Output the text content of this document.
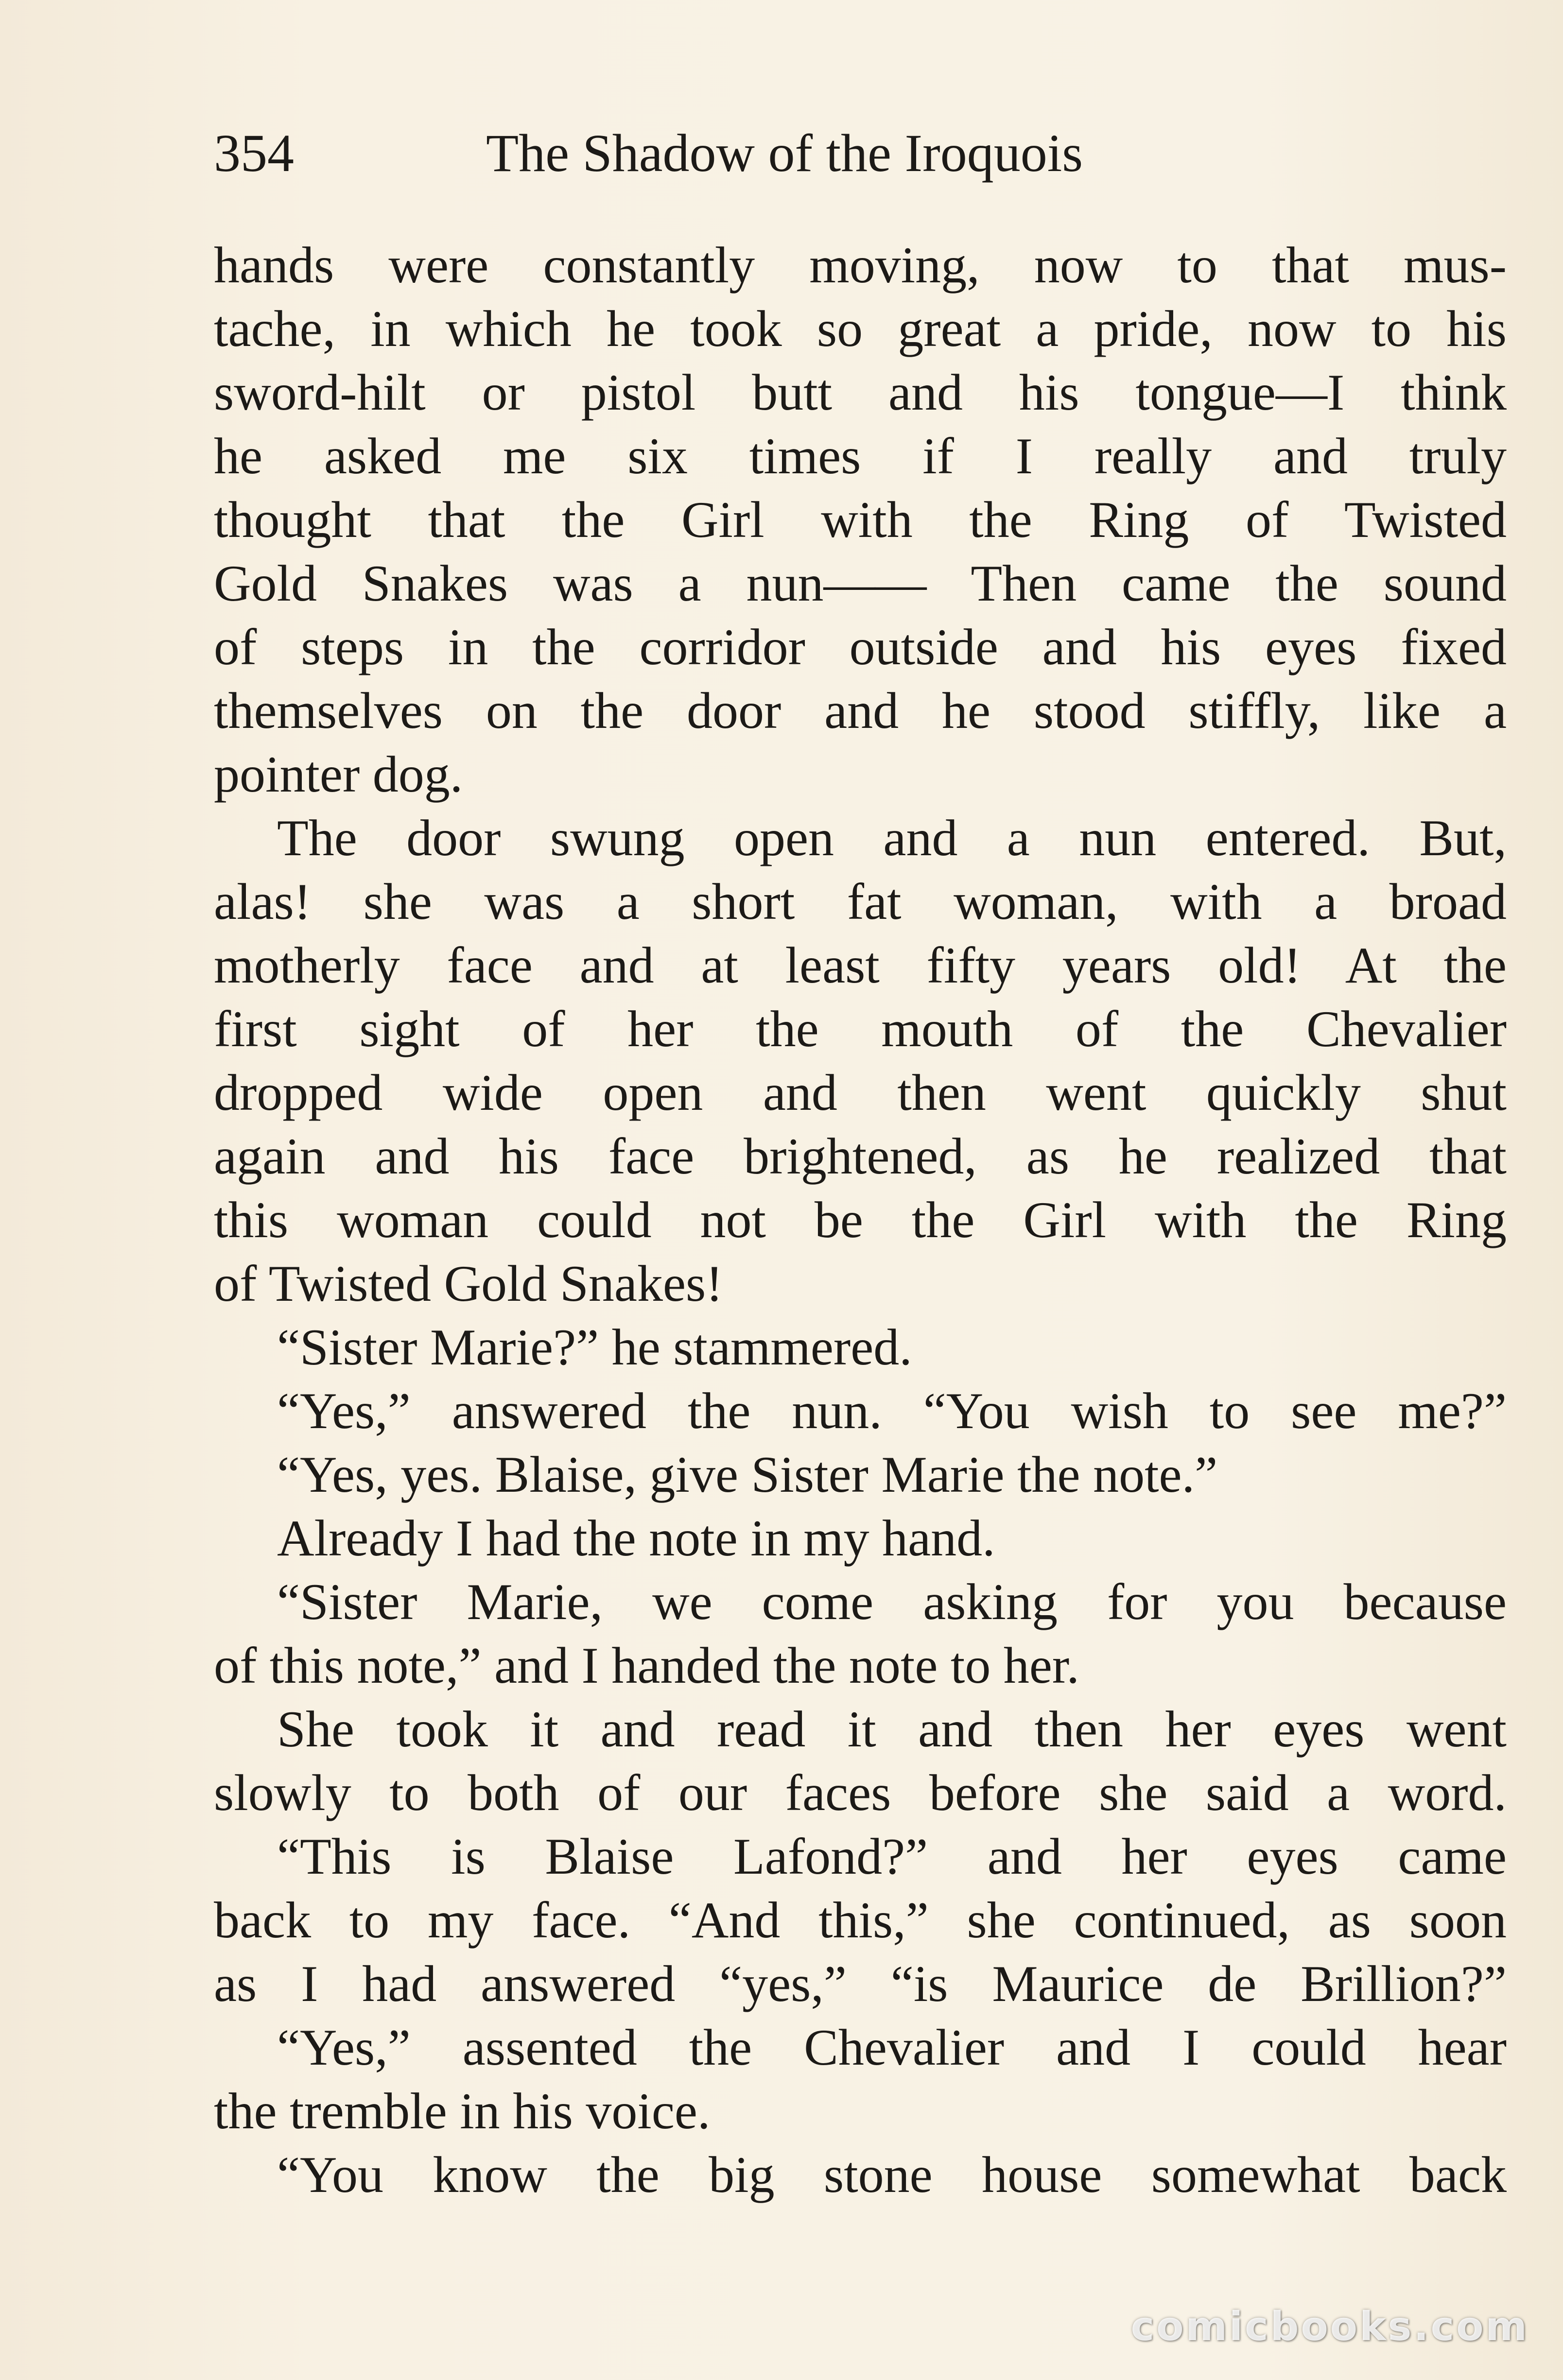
354	The Shadow of the Iroquois
hands were constantly moving, now to that mus-
tache, in which he took so great a pride, now to his
sword-hilt or pistol butt and his tongue—I think
he asked me six times if I really and truly
thought that the Girl with the Ring of Twisted
Gold Snakes was a nun—— Then came the sound
of steps in the corridor outside and his eyes fixed
themselves on the door and he stood stiffly, like a
pointer dog.
The door swung open and a nun entered. But,
alas! she was a short fat woman, with a broad
motherly face and at least fifty years old! At the
first sight of her the mouth of the Chevalier
dropped wide open and then went quickly shut
again and his face brightened, as he realized that
this woman could not be the Girl with the Ring
of Twisted Gold Snakes!
“Sister Marie?” he stammered.
“Yes,” answered the nun. “You wish to see me?”
“Yes, yes. Blaise, give Sister Marie the note.”
Already I had the note in my hand.
“Sister Marie, we come asking for you because
of this note,” and I handed the note to her.
She took it and read it and then her eyes went
slowly to both of our faces before she said a word.
“This is Blaise Lafond?” and her eyes came
back to my face. “And this,” she continued, as soon
as I had answered “yes,” “is Maurice de Brillion?”
“Yes,” assented the Chevalier and I could hear
the tremble in his voice.
“You know the big stone house somewhat back
comicbooks.com
